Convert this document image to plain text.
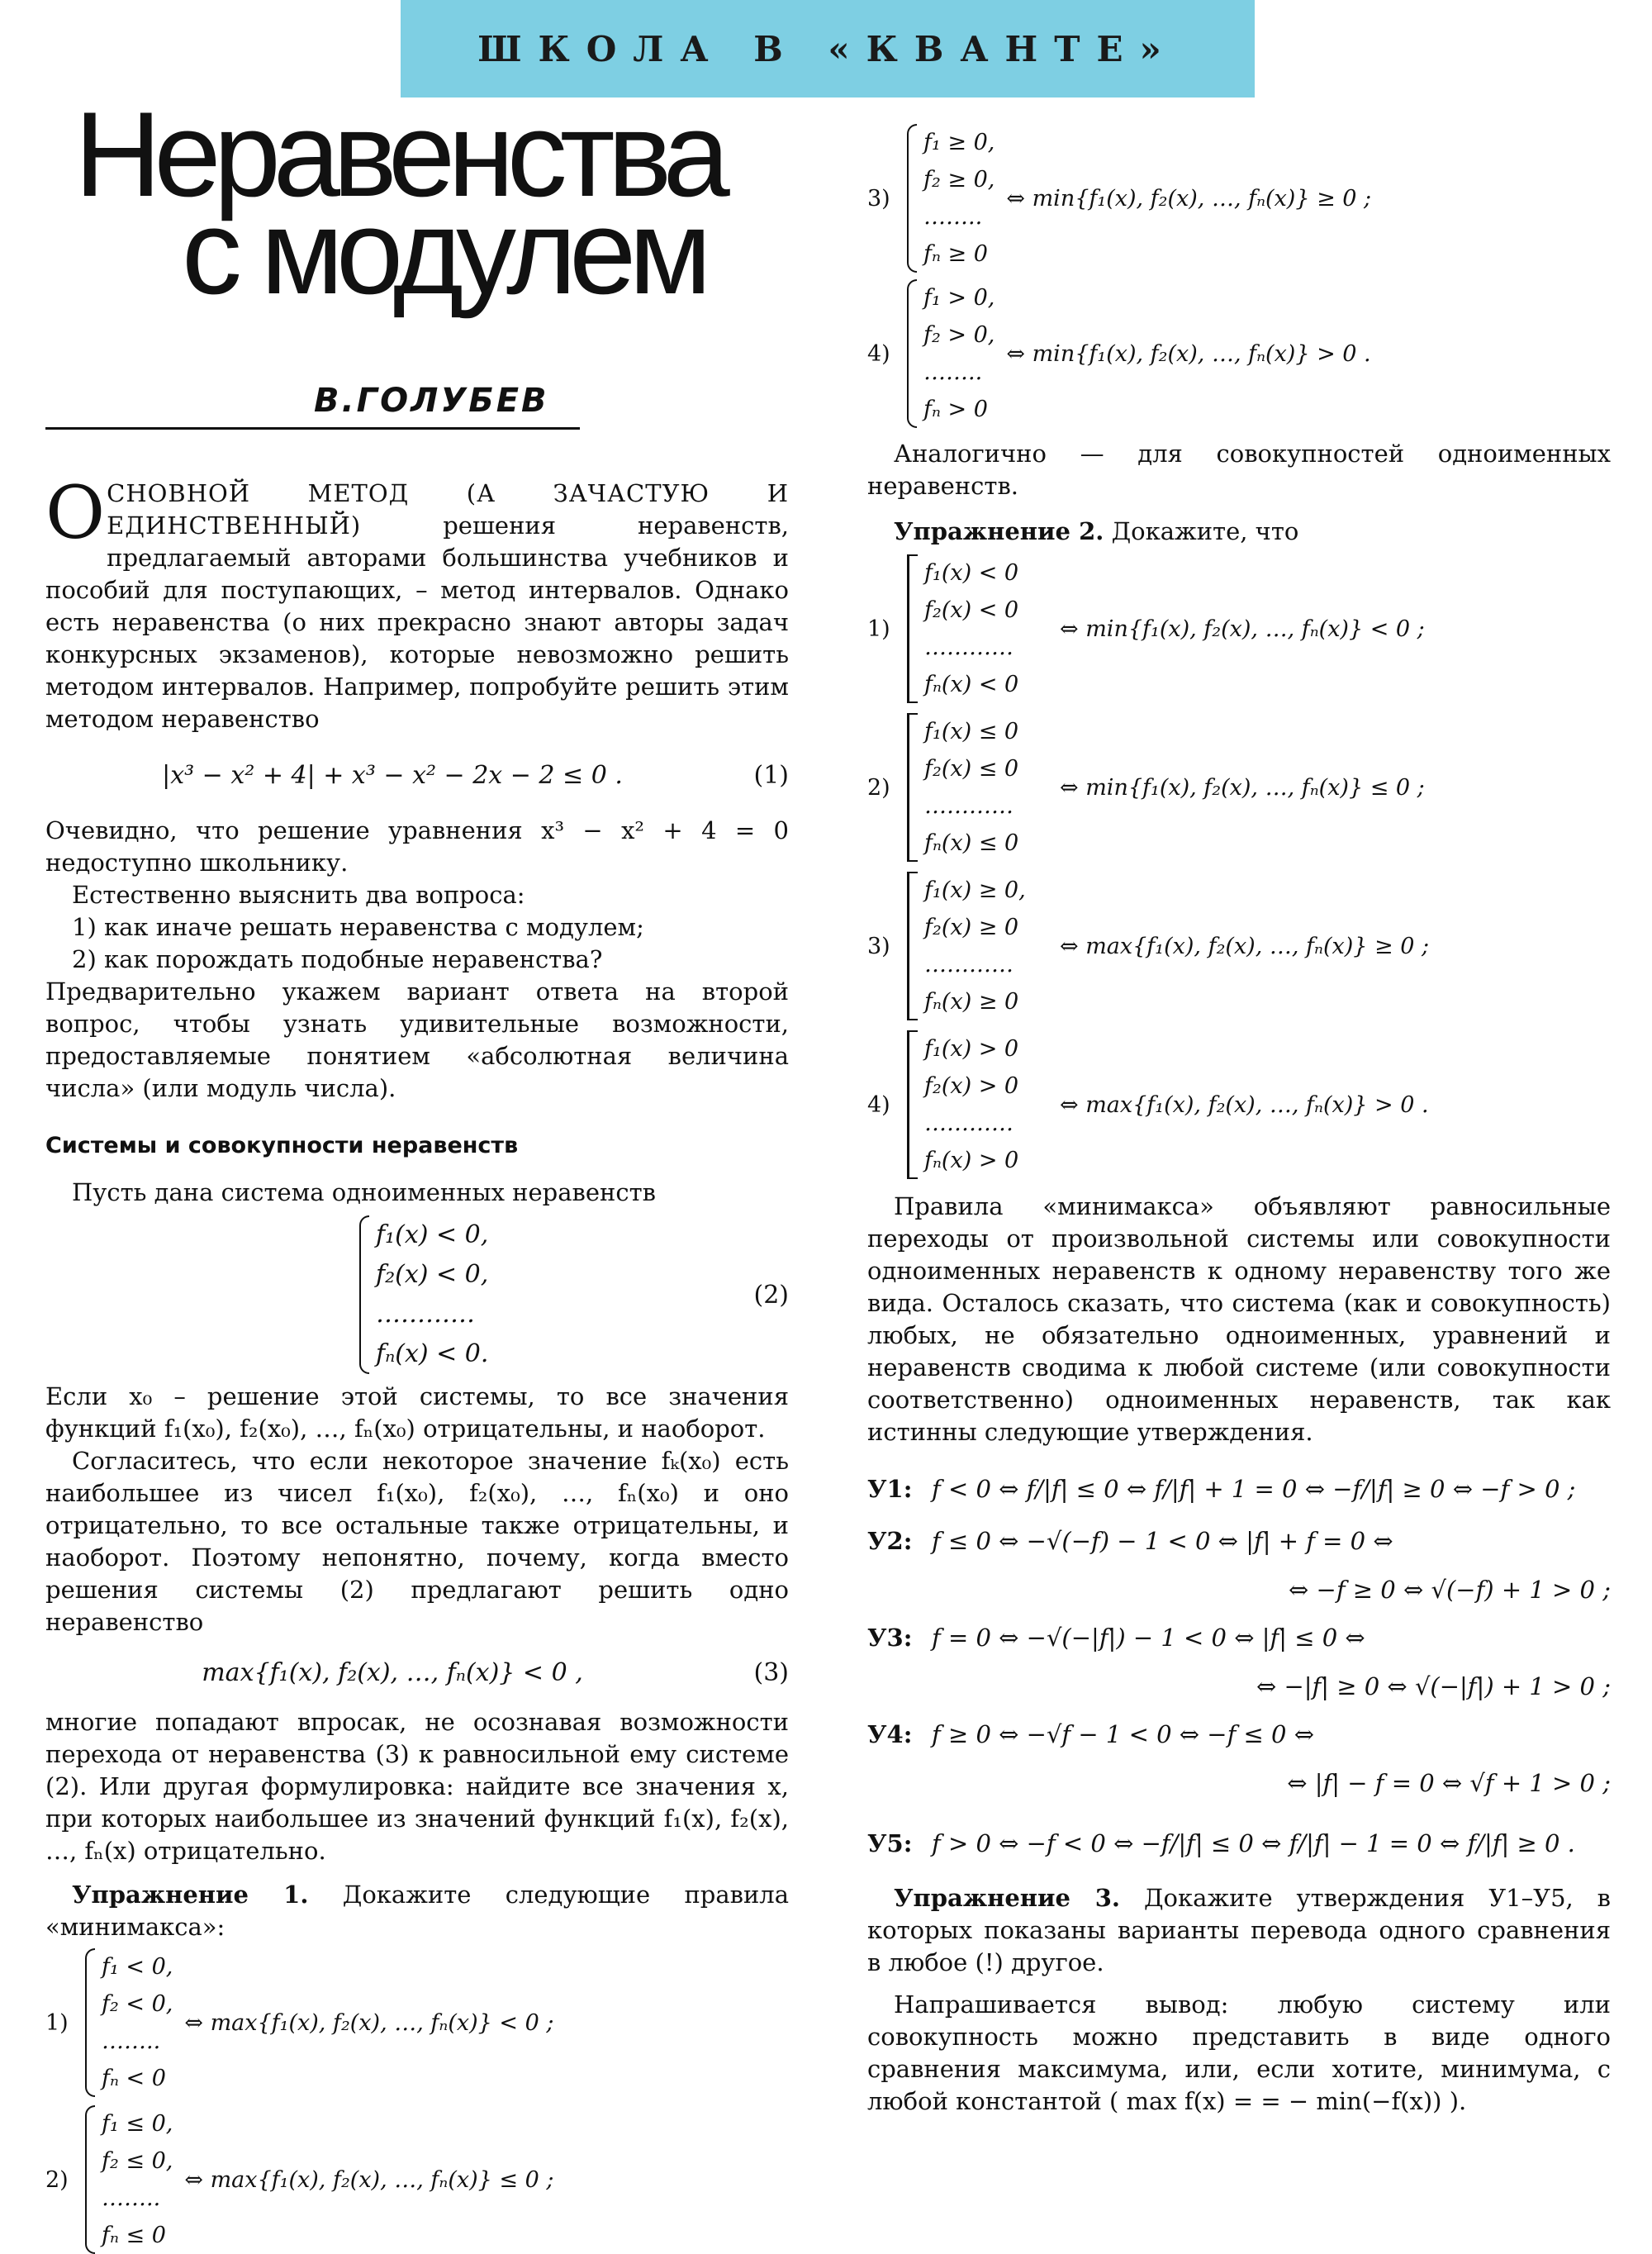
ШКОЛА В «КВАНТЕ»
Неравенства
с модулем
В.ГОЛУБЕВ

О СНОВНОЙ МЕТОД (А ЗАЧАСТУЮ И ЕДИНСТВЕННЫЙ)	решения неравенств, предлагаемый авторами большинства учебников и пособий для поступающих, – метод интервалов. Однако есть неравенства (о них прекрасно знают авторы задач конкурсных экзаменов), которые невозможно решить методом интервалов. Например, попробуйте решить этим методом неравенство

|x³ − x² + 4| + x³ − x² − 2x − 2 ≤ 0 .	(1)

Очевидно, что решение уравнения x³ − x² + 4 = 0 недоступно школьнику.

Естественно выяснить два вопроса:

1) как иначе решать неравенства с модулем;

2) как порождать подобные неравенства?

Предварительно укажем вариант ответа на второй вопрос, чтобы узнать удивительные возможности, предоставляемые понятием «абсолютная величина числа» (или модуль числа).

Системы и совокупности неравенств

Пусть дана система одноименных неравенств

f₁(x) < 0,
f₂(x) < 0,
…………
fₙ(x) < 0.
(2)

Если x₀ – решение этой системы, то все значения функций f₁(x₀), f₂(x₀), …, fₙ(x₀) отрицательны, и наоборот.

Согласитесь, что если некоторое значение fₖ(x₀) есть наибольшее из чисел f₁(x₀), f₂(x₀), …, fₙ(x₀) и оно отрицательно, то все остальные также отрицательны, и наоборот. Поэтому непонятно, почему, когда вместо решения системы (2) предлагают решить одно неравенство

max{f₁(x), f₂(x), …, fₙ(x)} < 0 ,	(3)

многие попадают впросак, не осознавая возможности перехода от неравенства (3) к равносильной ему системе (2). Или другая формулировка: найдите все значения x, при которых наибольшее из значений функций f₁(x), f₂(x), …, fₙ(x) отрицательно.

Упражнение 1. Докажите следующие правила «минимакса»:

1)
f₁ < 0,
f₂ < 0,
……..
fₙ < 0
⇔ max{f₁(x), f₂(x), …, fₙ(x)} < 0 ;
2)
f₁ ≤ 0,
f₂ ≤ 0,
……..
fₙ ≤ 0
⇔ max{f₁(x), f₂(x), …, fₙ(x)} ≤ 0 ;
3)
f₁ ≥ 0,
f₂ ≥ 0,
……..
fₙ ≥ 0
⇔ min{f₁(x), f₂(x), …, fₙ(x)} ≥ 0 ;
4)
f₁ > 0,
f₂ > 0,
……..
fₙ > 0
⇔ min{f₁(x), f₂(x), …, fₙ(x)} > 0 .

Аналогично — для совокупностей одноименных неравенств.

Упражнение 2. Докажите, что

1)
f₁(x) < 0
f₂(x) < 0
…………
fₙ(x) < 0
⇔ min{f₁(x), f₂(x), …, fₙ(x)} < 0 ;
2)
f₁(x) ≤ 0
f₂(x) ≤ 0
…………
fₙ(x) ≤ 0
⇔ min{f₁(x), f₂(x), …, fₙ(x)} ≤ 0 ;
3)
f₁(x) ≥ 0,
f₂(x) ≥ 0
…………
fₙ(x) ≥ 0
⇔ max{f₁(x), f₂(x), …, fₙ(x)} ≥ 0 ;
4)
f₁(x) > 0
f₂(x) > 0
…………
fₙ(x) > 0
⇔ max{f₁(x), f₂(x), …, fₙ(x)} > 0 .

Правила «минимакса» объявляют равносильные переходы от произвольной системы или совокупности одноименных неравенств к одному неравенству того же вида. Осталось сказать, что система (как и совокупность) любых, не обязательно одноименных, уравнений и неравенств сводима к любой системе (или совокупности соответственно) одноименных неравенств, так как истинны следующие утверждения.

У1: f < 0 ⇔ f/|f| ≤ 0 ⇔ f/|f| + 1 = 0 ⇔ −f/|f| ≥ 0 ⇔ −f > 0 ;
У2: f ≤ 0 ⇔ −√(−f) − 1 < 0 ⇔ |f| + f = 0 ⇔
⇔ −f ≥ 0 ⇔ √(−f) + 1 > 0 ;
У3: f = 0 ⇔ −√(−|f|) − 1 < 0 ⇔ |f| ≤ 0 ⇔
⇔ −|f| ≥ 0 ⇔ √(−|f|) + 1 > 0 ;
У4: f ≥ 0 ⇔ −√f − 1 < 0 ⇔ −f ≤ 0 ⇔
⇔ |f| − f = 0 ⇔ √f + 1 > 0 ;
У5: f > 0 ⇔ −f < 0 ⇔ −f/|f| ≤ 0 ⇔ f/|f| − 1 = 0 ⇔ f/|f| ≥ 0 .

Упражнение 3. Докажите утверждения У1–У5, в которых показаны варианты перевода одного сравнения в любое (!) другое.

Напрашивается вывод: любую систему или совокупность можно представить в виде одного сравнения максимума, или, если хотите, минимума, с любой константой ( max f(x) = = − min(−f(x)) ).
